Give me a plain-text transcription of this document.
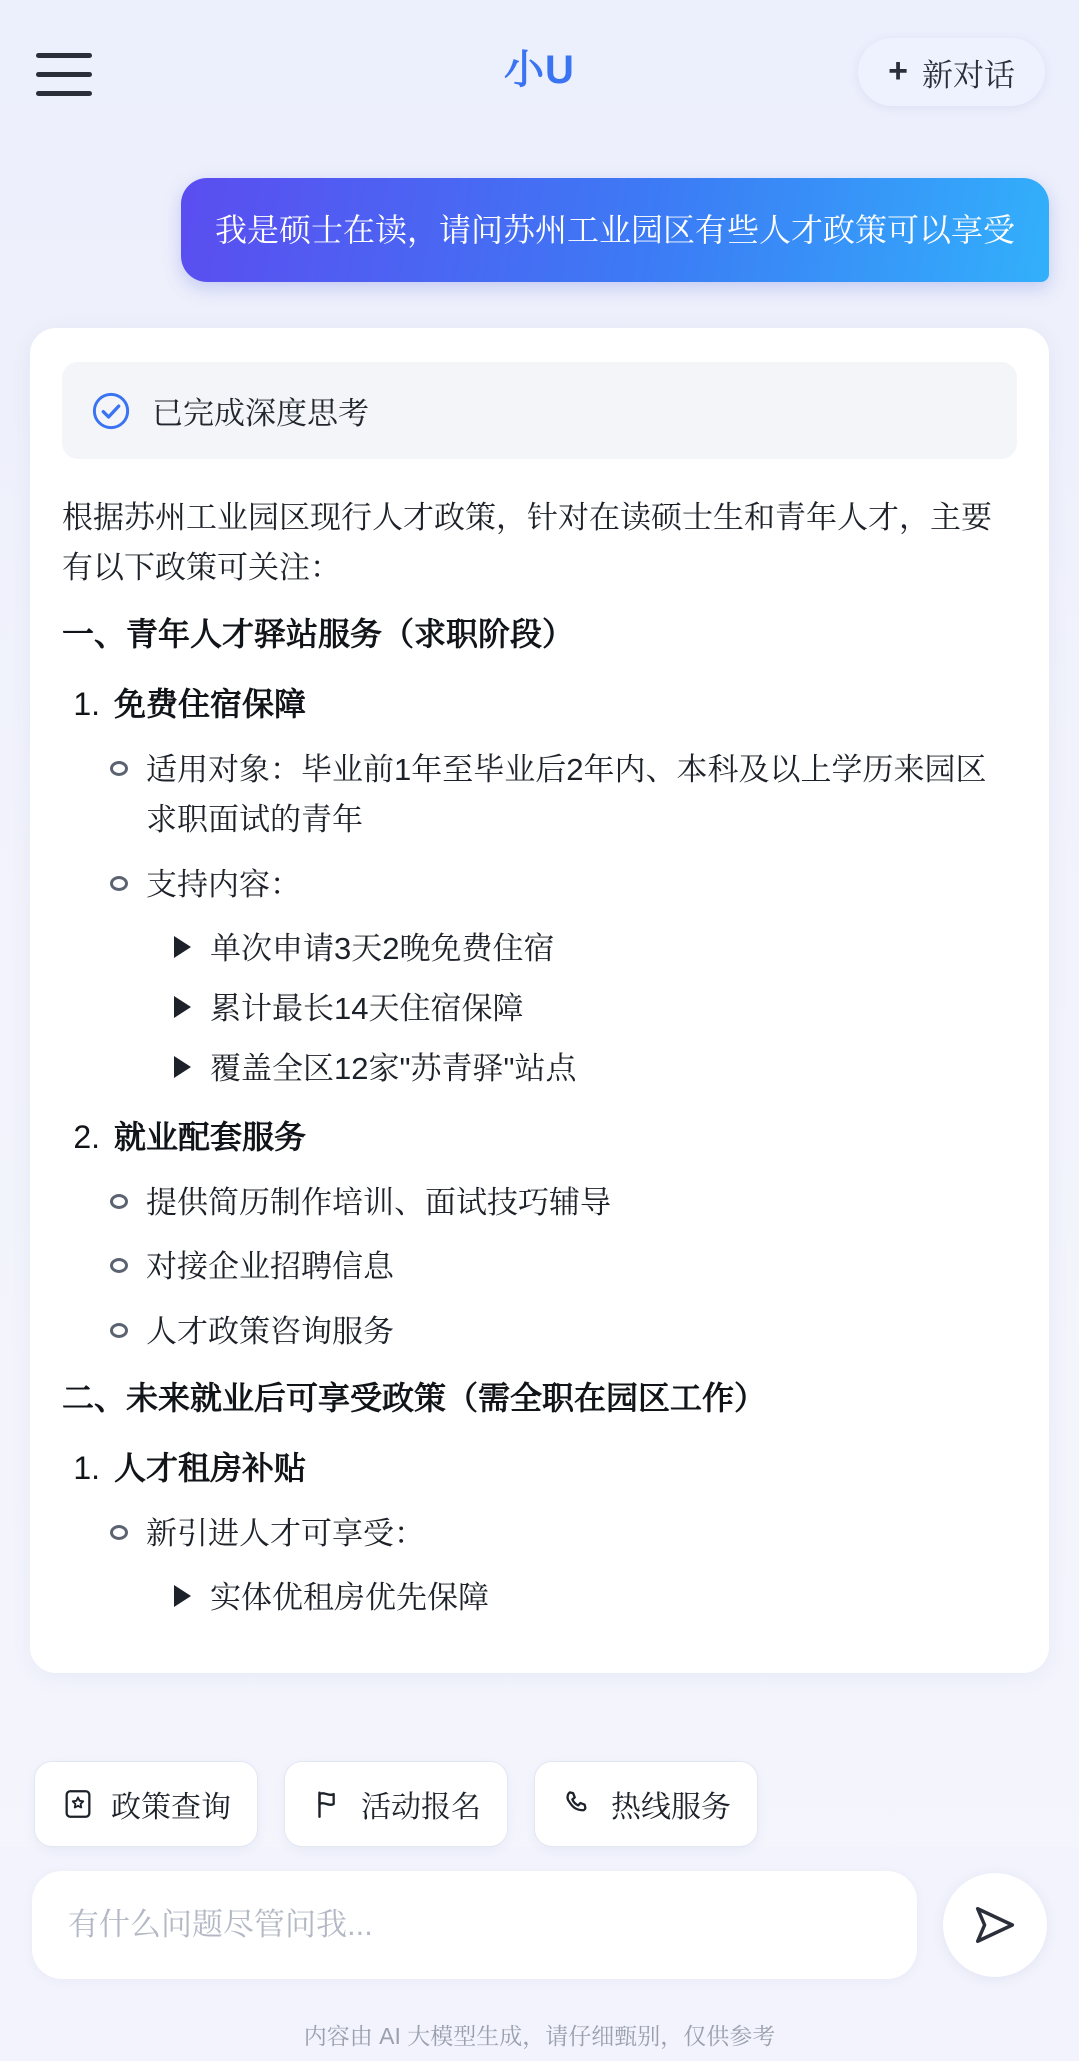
小U	+ 新对话
我是硕士在读，请问苏州工业园区有些人才政策可以享受
已完成深度思考

根据苏州工业园区现行人才政策，针对在读硕士生和青年人才，主要有以下政策可关注：

一、青年人才驿站服务（求职阶段）
1. 免费住宿保障
适用对象：毕业前1年至毕业后2年内、本科及以上学历来园区求职面试的青年
支持内容：
单次申请3天2晚免费住宿
累计最长14天住宿保障
覆盖全区12家"苏青驿"站点
2. 就业配套服务
提供简历制作培训、面试技巧辅导
对接企业招聘信息
人才政策咨询服务
二、未来就业后可享受政策（需全职在园区工作）
1. 人才租房补贴
新引进人才可享受：
实体优租房优先保障
政策查询	活动报名	热线服务
有什么问题尽管问我...
内容由 AI 大模型生成，请仔细甄别，仅供参考
